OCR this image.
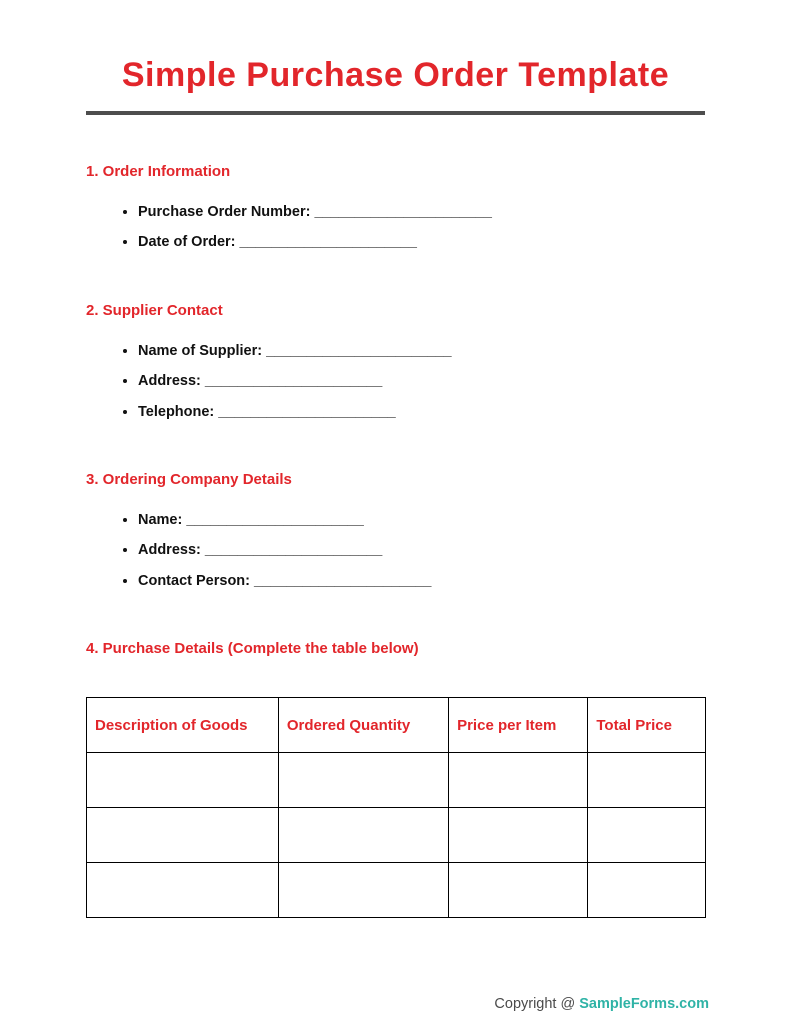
Simple Purchase Order Template
1. Order Information
• Purchase Order Number: ______________________
• Date of Order: ______________________
2. Supplier Contact
• Name of Supplier: _______________________
• Address: ______________________
• Telephone: ______________________
3. Ordering Company Details
• Name: ______________________
• Address: ______________________
• Contact Person: ______________________
4. Purchase Details (Complete the table below)
Description of Goods	Ordered Quantity	Price per Item	Total Price

Copyright @ SampleForms.com
